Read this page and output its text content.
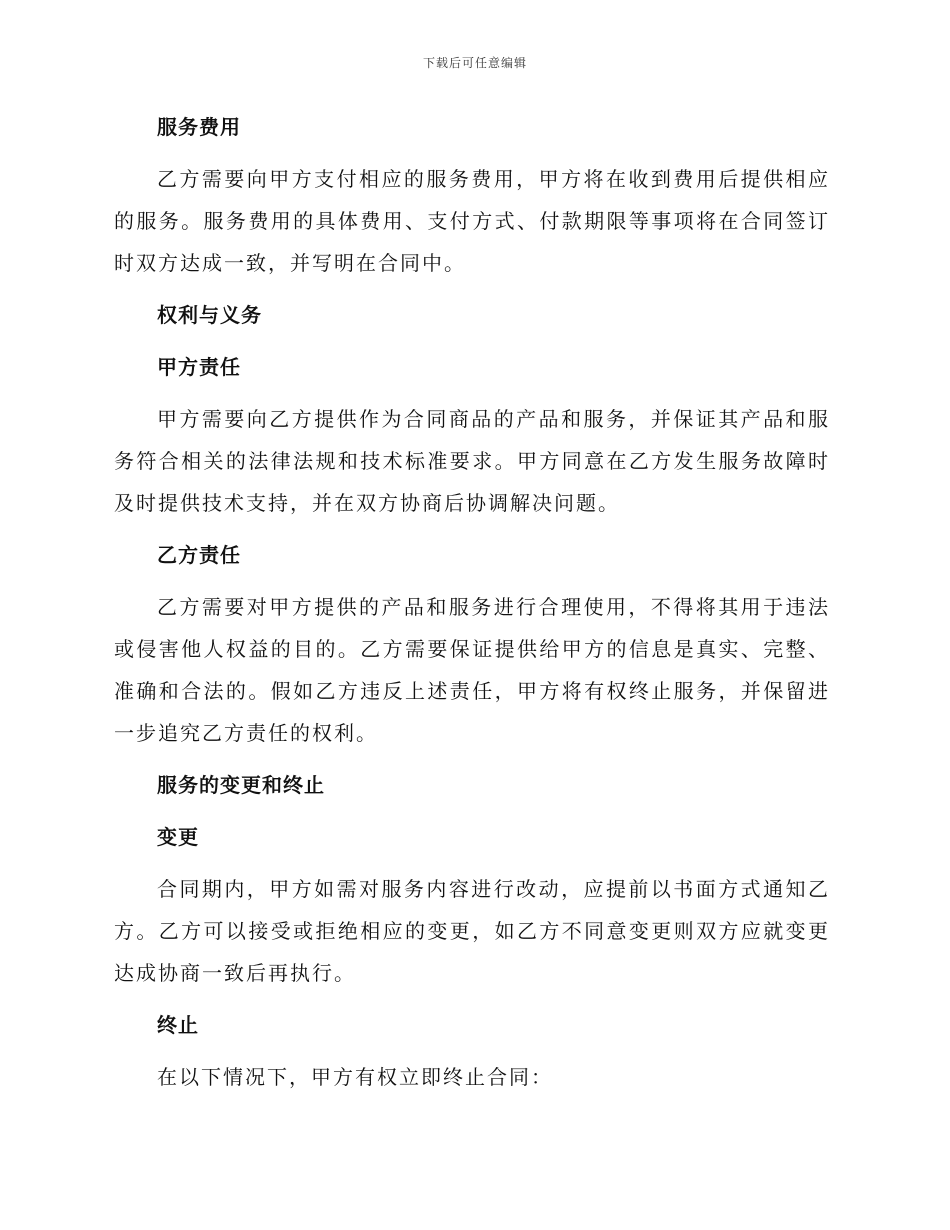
下载后可任意编辑
服务费用

乙方需要向甲方支付相应的服务费用，甲方将在收到费用后提供相应的服务。服务费用的具体费用、支付方式、付款期限等事项将在合同签订时双方达成一致，并写明在合同中。

权利与义务
甲方责任

甲方需要向乙方提供作为合同商品的产品和服务，并保证其产品和服务符合相关的法律法规和技术标准要求。甲方同意在乙方发生服务故障时及时提供技术支持，并在双方协商后协调解决问题。

乙方责任

乙方需要对甲方提供的产品和服务进行合理使用，不得将其用于违法或侵害他人权益的目的。乙方需要保证提供给甲方的信息是真实、完整、准确和合法的。假如乙方违反上述责任，甲方将有权终止服务，并保留进一步追究乙方责任的权利。

服务的变更和终止
变更

合同期内，甲方如需对服务内容进行改动，应提前以书面方式通知乙方。乙方可以接受或拒绝相应的变更，如乙方不同意变更则双方应就变更达成协商一致后再执行。

终止

在以下情况下，甲方有权立即终止合同：
